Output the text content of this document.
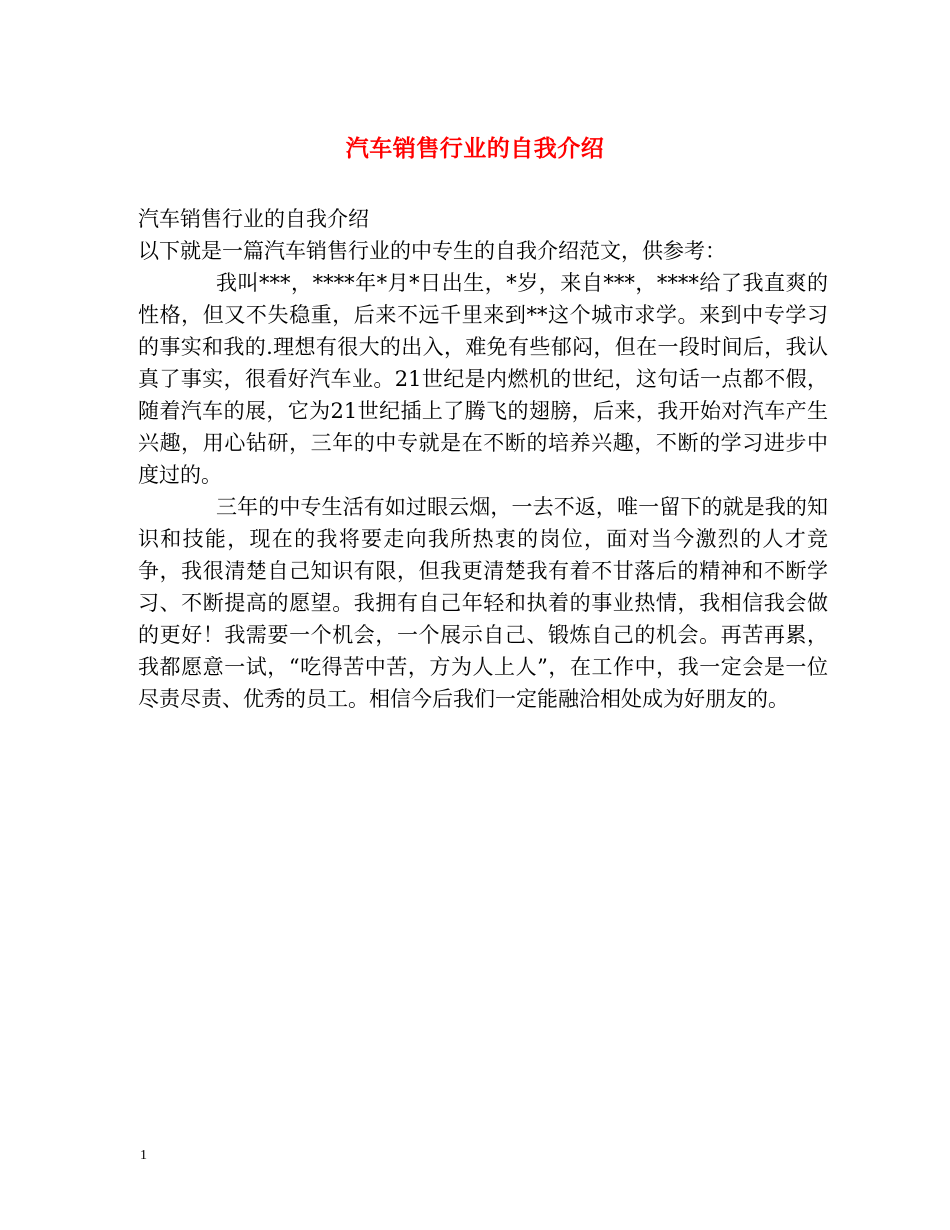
汽车销售行业的自我介绍

汽车销售行业的自我介绍

以下就是一篇汽车销售行业的中专生的自我介绍范文，供参考：

我叫***，****年*月*日出生，*岁，来自***，****给了我直爽的性格，但又不失稳重，后来不远千里来到**这个城市求学。来到中专学习的事实和我的.理想有很大的出入，难免有些郁闷，但在一段时间后，我认真了事实，很看好汽车业。21世纪是内燃机的世纪，这句话一点都不假，随着汽车的展，它为21世纪插上了腾飞的翅膀，后来，我开始对汽车产生兴趣，用心钻研，三年的中专就是在不断的培养兴趣，不断的学习进步中度过的。

三年的中专生活有如过眼云烟，一去不返，唯一留下的就是我的知识和技能，现在的我将要走向我所热衷的岗位，面对当今激烈的人才竞争，我很清楚自己知识有限，但我更清楚我有着不甘落后的精神和不断学习、不断提高的愿望。我拥有自己年轻和执着的事业热情，我相信我会做的更好！我需要一个机会，一个展示自己、锻炼自己的机会。再苦再累，我都愿意一试，“吃得苦中苦，方为人上人”，在工作中，我一定会是一位尽责尽责、优秀的员工。相信今后我们一定能融洽相处成为好朋友的。

1
